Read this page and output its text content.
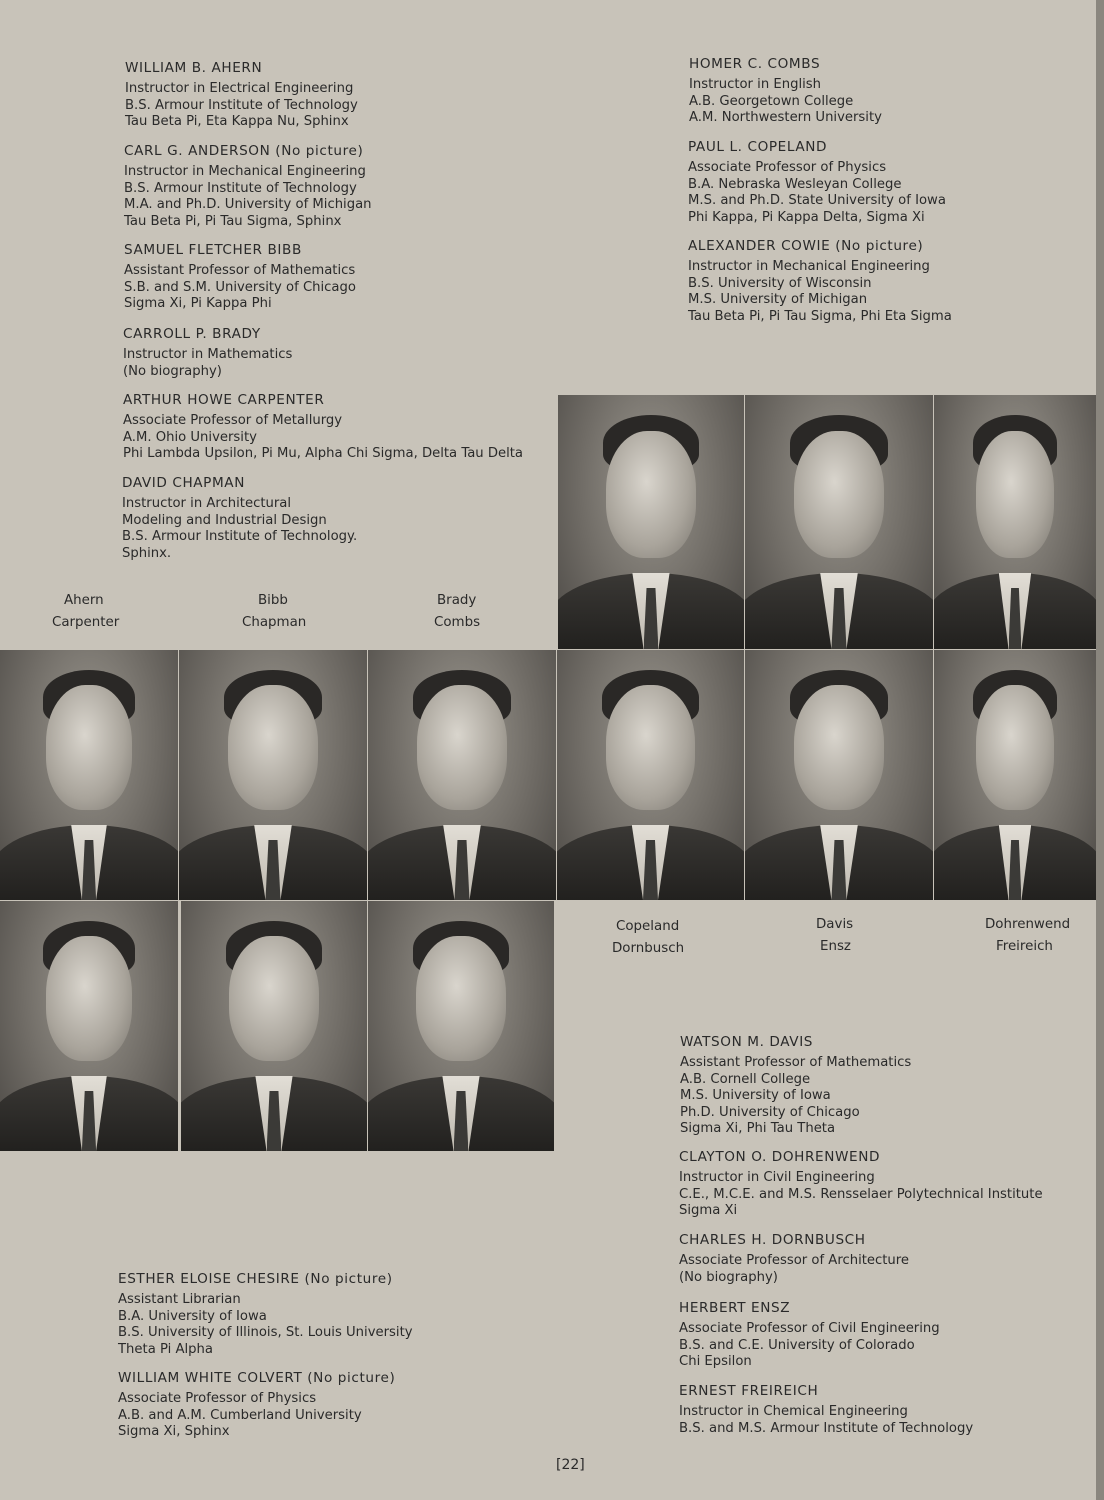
WILLIAM B. AHERN
Instructor in Electrical Engineering
B.S. Armour Institute of Technology
Tau Beta Pi, Eta Kappa Nu, Sphinx
CARL G. ANDERSON (No picture)
Instructor in Mechanical Engineering
B.S. Armour Institute of Technology
M.A. and Ph.D. University of Michigan
Tau Beta Pi, Pi Tau Sigma, Sphinx
SAMUEL FLETCHER BIBB
Assistant Professor of Mathematics
S.B. and S.M. University of Chicago
Sigma Xi, Pi Kappa Phi
CARROLL P. BRADY
Instructor in Mathematics
(No biography)
ARTHUR HOWE CARPENTER
Associate Professor of Metallurgy
A.M. Ohio University
Phi Lambda Upsilon, Pi Mu, Alpha Chi Sigma, Delta Tau Delta
DAVID CHAPMAN
Instructor in Architectural
Modeling and Industrial Design
B.S. Armour Institute of Technology.
Sphinx.
HOMER C. COMBS
Instructor in English
A.B. Georgetown College
A.M. Northwestern University
PAUL L. COPELAND
Associate Professor of Physics
B.A. Nebraska Wesleyan College
M.S. and Ph.D. State University of Iowa
Phi Kappa, Pi Kappa Delta, Sigma Xi
ALEXANDER COWIE (No picture)
Instructor in Mechanical Engineering
B.S. University of Wisconsin
M.S. University of Michigan
Tau Beta Pi, Pi Tau Sigma, Phi Eta Sigma
Ahern	Bibb	Brady
Carpenter	Chapman	Combs
Copeland	Davis	Dohrenwend
Dornbusch	Ensz	Freireich
WATSON M. DAVIS
Assistant Professor of Mathematics
A.B. Cornell College
M.S. University of Iowa
Ph.D. University of Chicago
Sigma Xi, Phi Tau Theta
CLAYTON O. DOHRENWEND
Instructor in Civil Engineering
C.E., M.C.E. and M.S. Rensselaer Polytechnical Institute
Sigma Xi
CHARLES H. DORNBUSCH
Associate Professor of Architecture
(No biography)
HERBERT ENSZ
Associate Professor of Civil Engineering
B.S. and C.E. University of Colorado
Chi Epsilon
ERNEST FREIREICH
Instructor in Chemical Engineering
B.S. and M.S. Armour Institute of Technology
ESTHER ELOISE CHESIRE (No picture)
Assistant Librarian
B.A. University of Iowa
B.S. University of Illinois, St. Louis University
Theta Pi Alpha
WILLIAM WHITE COLVERT (No picture)
Associate Professor of Physics
A.B. and A.M. Cumberland University
Sigma Xi, Sphinx
[22]
